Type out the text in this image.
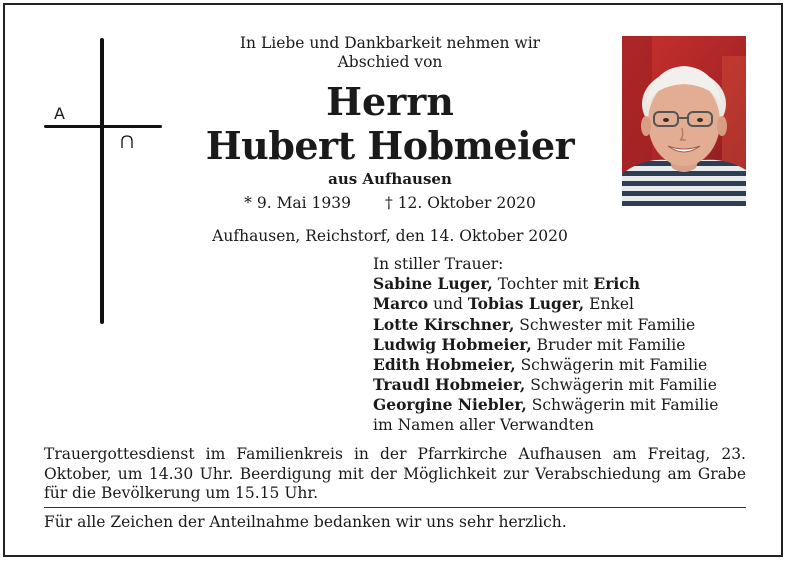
A
In Liebe und Dankbarkeit nehmen wir
Abschied von
Herrn
Hubert Hobmeier
aus Aufhausen
* 9. Mai 1939 † 12. Oktober 2020
Aufhausen, Reichstorf, den 14. Oktober 2020
In stiller Trauer:
Sabine Luger, Tochter mit Erich
Marco und Tobias Luger, Enkel
Lotte Kirschner, Schwester mit Familie
Ludwig Hobmeier, Bruder mit Familie
Edith Hobmeier, Schwägerin mit Familie
Traudl Hobmeier, Schwägerin mit Familie
Georgine Niebler, Schwägerin mit Familie
im Namen aller Verwandten
Trauergottesdienst im Familienkreis in der Pfarrkirche Aufhausen am Freitag, 23. Oktober, um 14.30 Uhr. Beerdigung mit der Möglichkeit zur Verabschiedung am Grabe für die Bevölkerung um 15.15 Uhr.
Für alle Zeichen der Anteilnahme bedanken wir uns sehr herzlich.
